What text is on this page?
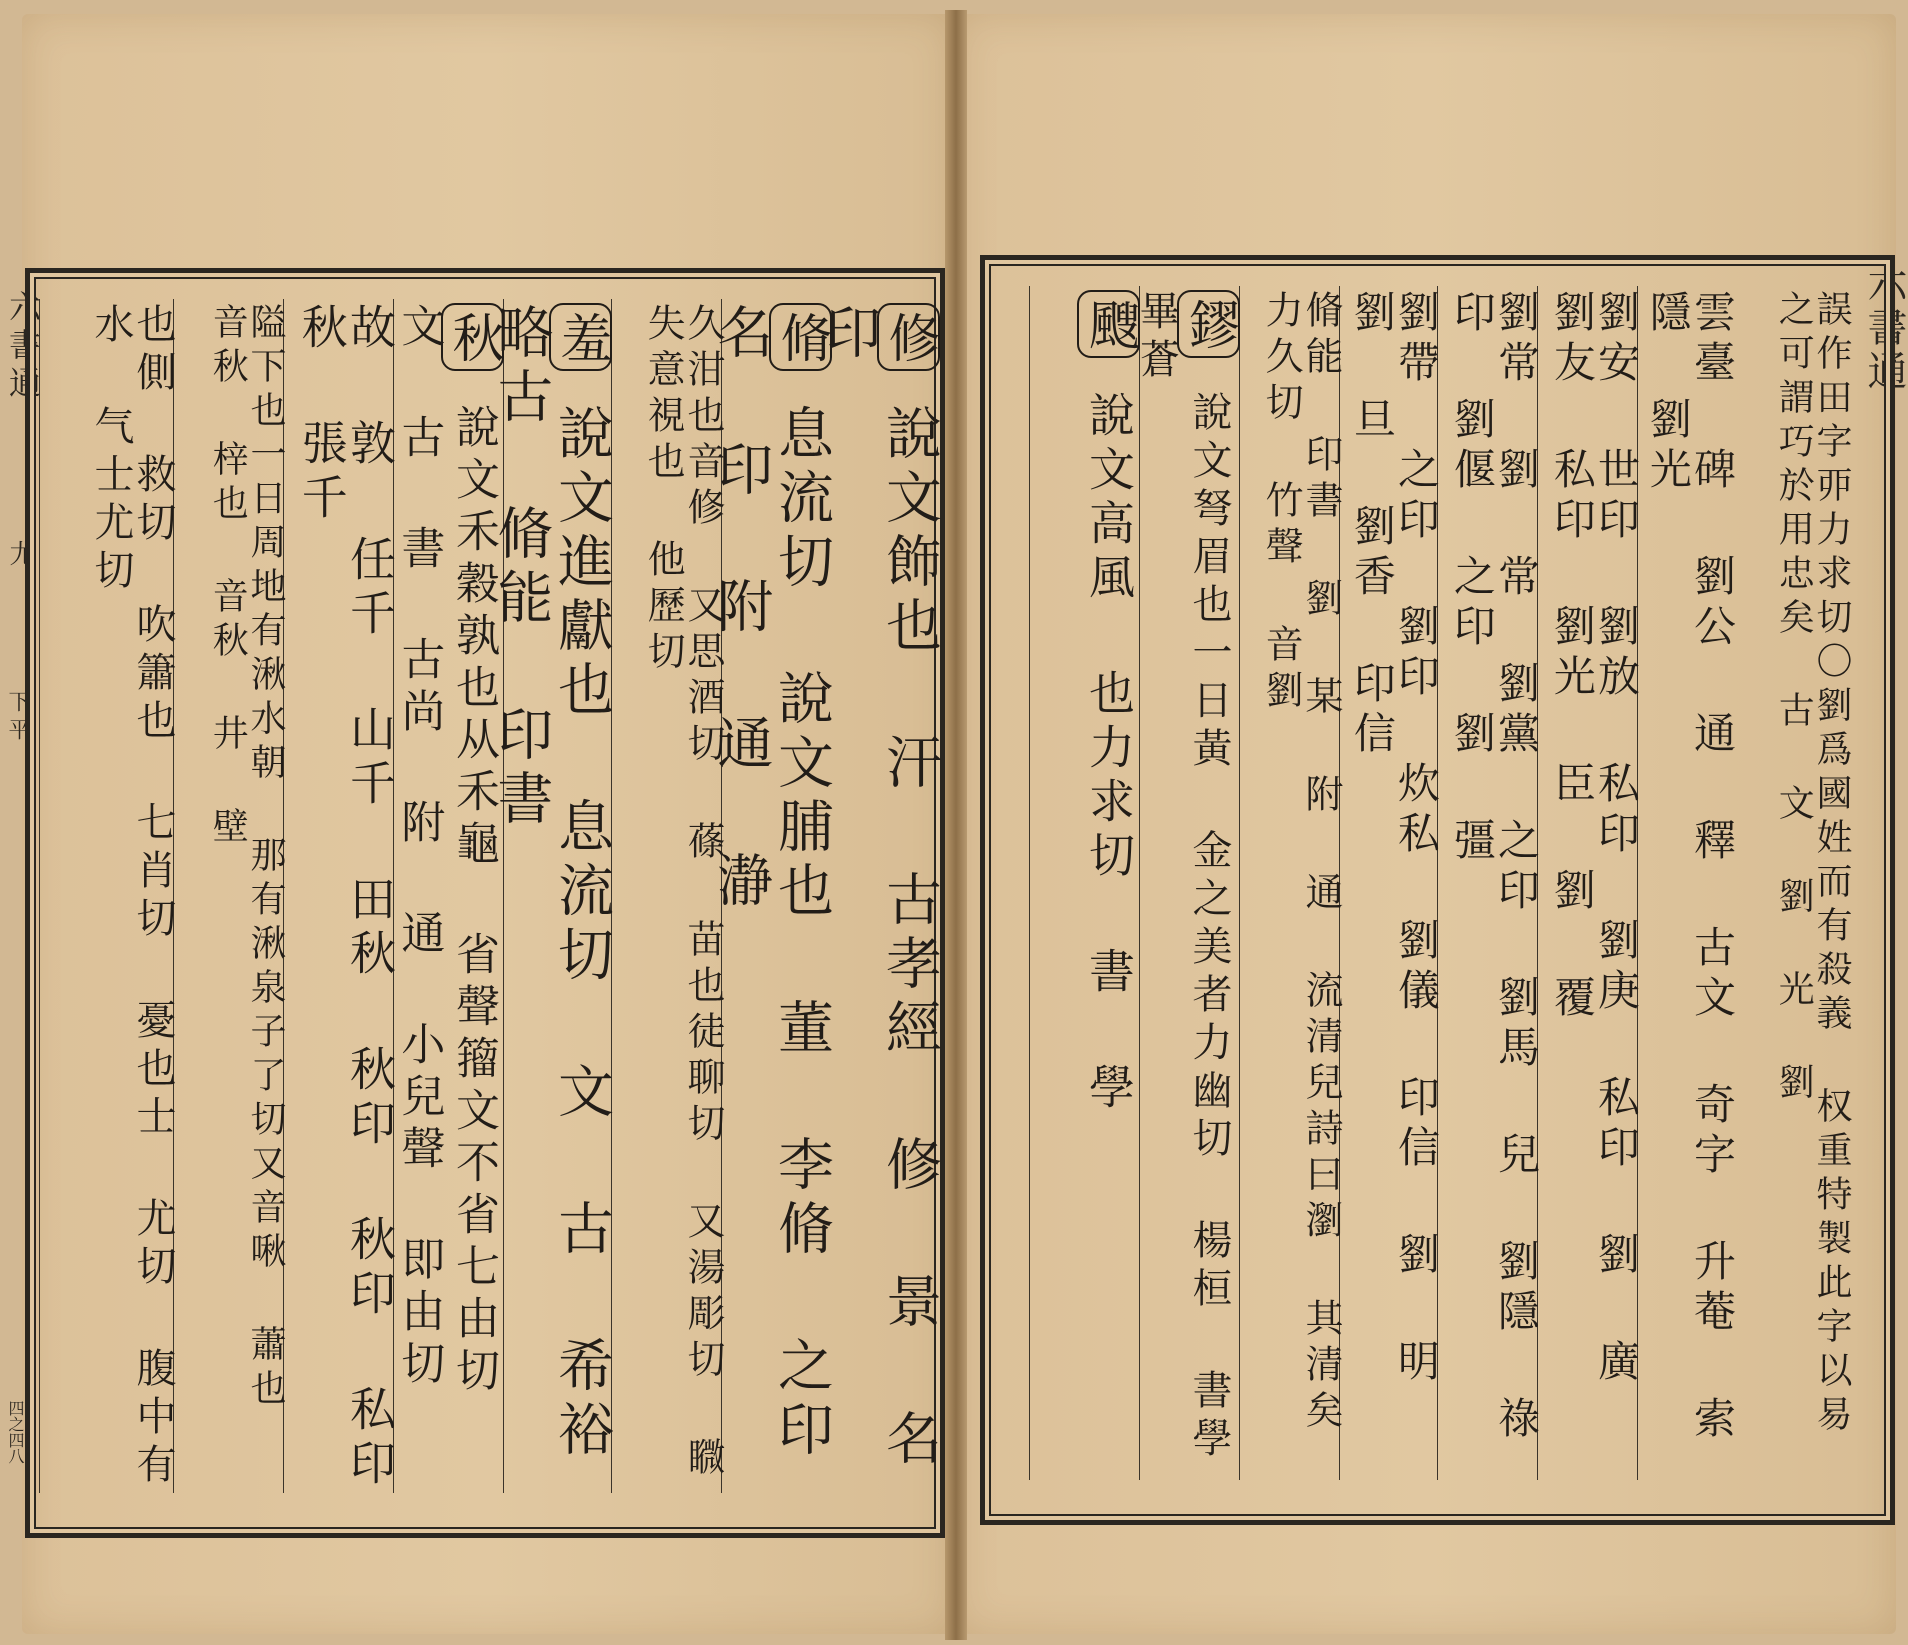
六書通
尤
下平
四之四八
修 說文飾也 汗 古孝經 修 景 名印
脩 息流切 說文脯也 董 李脩 之印 名 印 附 通 瀞
久泔也音修 又思酒切 蓧 苗也徒聊切 又湯彫切 矀 失意視也 他歷切
羞 說文進獻也 息流切 文 古 希裕 略古 脩能 印書
秋 說文禾穀孰也从禾龜 省聲籀文不省七由切 文 古 書 古尚 附 通 小兒聲 即由切
故 敦 任千 山千 田秋 秋印 秋印 私印 秋 張千
隘下也一日周地有湫水朝 那有湫泉子了切又音啾 蕭也 音秋 梓也 音秋 井 壁
也側 救切 吹簫也 七肖切 憂也士 尤切 腹中有水 气士尤切	六書通
誤作田字丣力求切〇劉爲國姓而有殺義 权重特製此字以易之可謂巧於用忠矣 古 文 劉 光 劉
雲臺 碑 劉公 通 釋 古文 奇字 升菴 索隱 劉光
劉安 世印 劉放 私印 劉庚 私印 劉 廣 劉友 私印 劉光 臣 劉 覆
劉常 劉 常 劉黨 之印 劉馬 兒 劉隱 祿印 劉偃 之印 劉 彊
劉帶 之印 劉印 炊私 劉儀 印信 劉 明 劉 旦 劉香 印信
脩能 印書 劉 某 附 通 流清兒詩曰瀏 其清矣力久切 竹聲 音劉
鏐 說文弩眉也一日黃 金之美者力幽切 楊桓 書學 畢蒼
颼 說文高風 也力求切 書 學
